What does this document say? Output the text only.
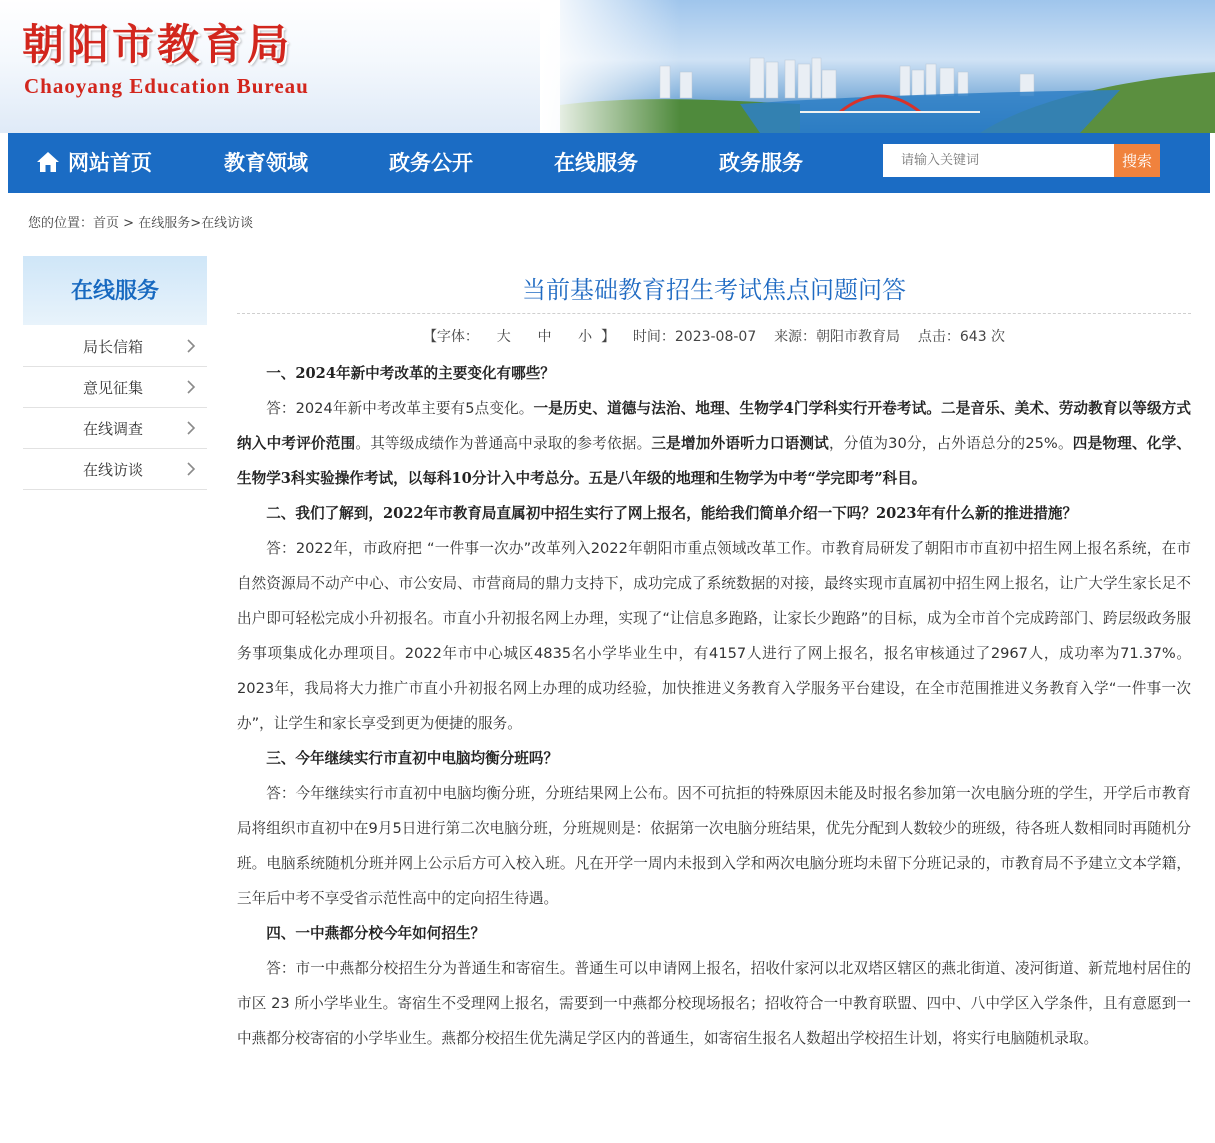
朝阳市教育局
Chaoyang Education Bureau
网站首页	教育领域	政务公开	在线服务	政务服务
请输入关键词	搜索
您的位置：首页 > 在线服务>在线访谈
在线服务
局长信箱
意见征集
在线调查
在线访谈
当前基础教育招生考试焦点问题问答
【字体： 大 中 小 】 时间：2023-08-07 来源：朝阳市教育局 点击：643 次

一、2024年新中考改革的主要变化有哪些？

答：2024年新中考改革主要有5点变化。一是历史、道德与法治、地理、生物学4门学科实行开卷考试。二是音乐、美术、劳动教育以等级方式纳入中考评价范围。其等级成绩作为普通高中录取的参考依据。三是增加外语听力口语测试，分值为30分，占外语总分的25%。四是物理、化学、生物学3科实验操作考试，以每科10分计入中考总分。五是八年级的地理和生物学为中考“学完即考”科目。

二、我们了解到，2022年市教育局直属初中招生实行了网上报名，能给我们简单介绍一下吗？2023年有什么新的推进措施？

答：2022年，市政府把 “一件事一次办”改革列入2022年朝阳市重点领域改革工作。市教育局研发了朝阳市市直初中招生网上报名系统，在市自然资源局不动产中心、市公安局、市营商局的鼎力支持下，成功完成了系统数据的对接，最终实现市直属初中招生网上报名，让广大学生家长足不出户即可轻松完成小升初报名。市直小升初报名网上办理，实现了“让信息多跑路，让家长少跑路”的目标，成为全市首个完成跨部门、跨层级政务服务事项集成化办理项目。2022年市中心城区4835名小学毕业生中，有4157人进行了网上报名，报名审核通过了2967人，成功率为71.37%。2023年，我局将大力推广市直小升初报名网上办理的成功经验，加快推进义务教育入学服务平台建设，在全市范围推进义务教育入学“一件事一次办”，让学生和家长享受到更为便捷的服务。

三、今年继续实行市直初中电脑均衡分班吗？

答：今年继续实行市直初中电脑均衡分班，分班结果网上公布。因不可抗拒的特殊原因未能及时报名参加第一次电脑分班的学生，开学后市教育局将组织市直初中在9月5日进行第二次电脑分班，分班规则是：依据第一次电脑分班结果，优先分配到人数较少的班级，待各班人数相同时再随机分班。电脑系统随机分班并网上公示后方可入校入班。凡在开学一周内未报到入学和两次电脑分班均未留下分班记录的，市教育局不予建立文本学籍，三年后中考不享受省示范性高中的定向招生待遇。

四、一中燕都分校今年如何招生？

答：市一中燕都分校招生分为普通生和寄宿生。普通生可以申请网上报名，招收什家河以北双塔区辖区的燕北街道、凌河街道、新荒地村居住的市区 23 所小学毕业生。寄宿生不受理网上报名，需要到一中燕都分校现场报名；招收符合一中教育联盟、四中、八中学区入学条件，且有意愿到一中燕都分校寄宿的小学毕业生。燕都分校招生优先满足学区内的普通生，如寄宿生报名人数超出学校招生计划，将实行电脑随机录取。
